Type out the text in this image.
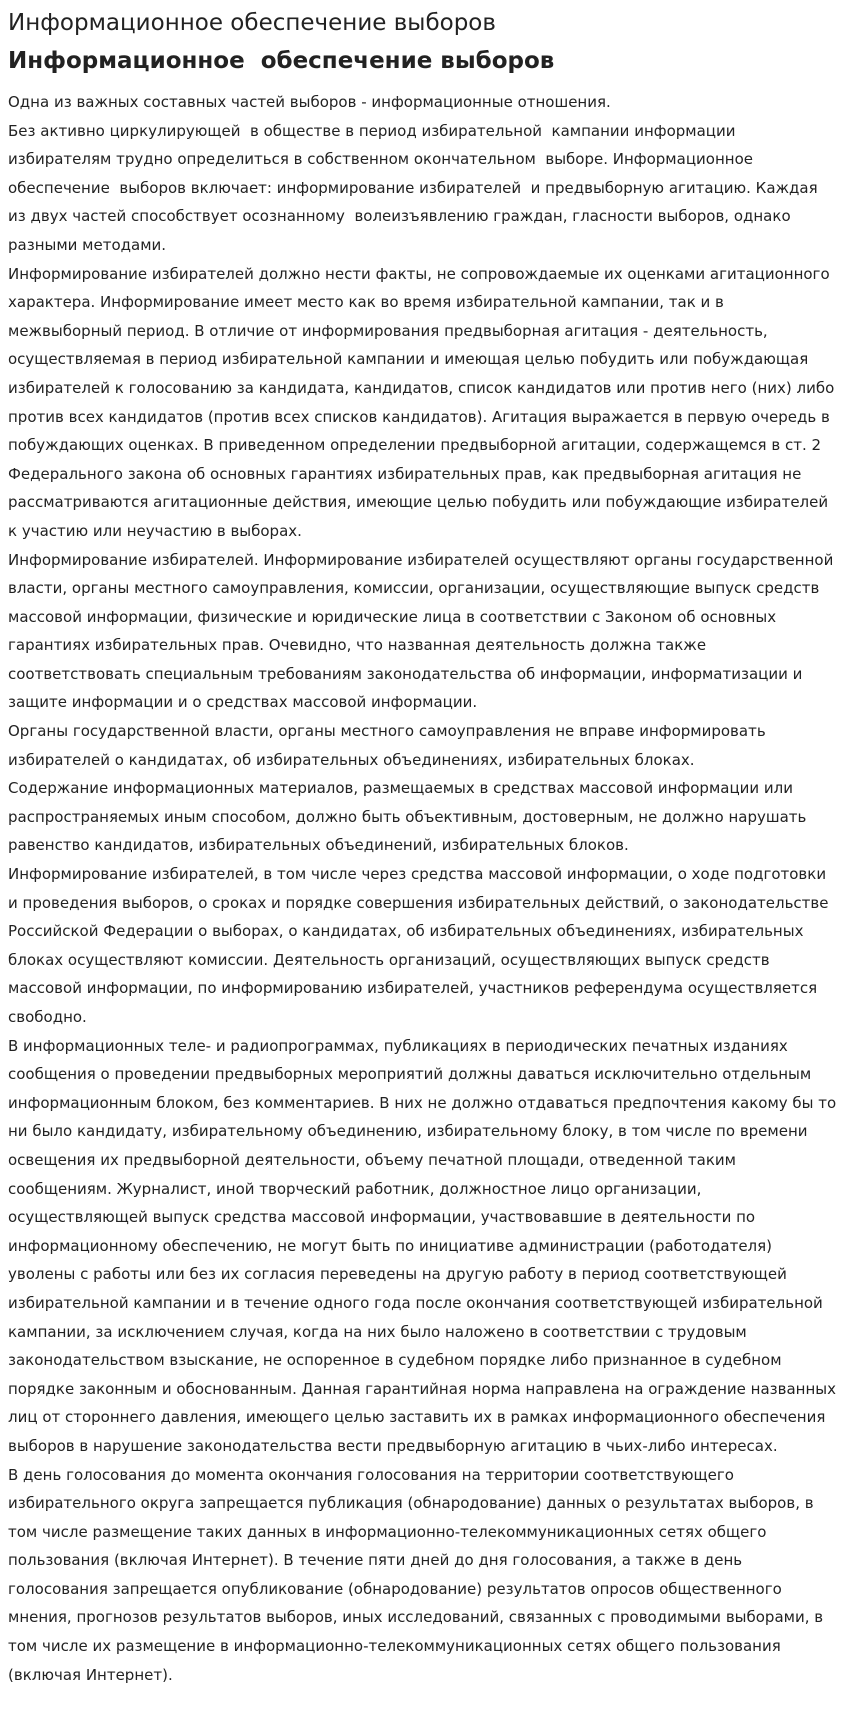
Информационное обеспечение выборов
Информационное  обеспечение выборов

Одна из важных составных частей выборов - информационные отношения.

Без активно циркулирующей  в обществе в период избирательной  кампании информации избирателям трудно определиться в собственном окончательном  выборе. Информационное обеспечение  выборов включает: информирование избирателей  и предвыборную агитацию. Каждая из двух частей способствует осознанному  волеизъявлению граждан, гласности выборов, однако разными методами.

Информирование избирателей должно нести факты, не сопровождаемые их оценками агитационного характера. Информирование имеет место как во время избирательной кампании, так и в межвыборный период. В отличие от информирования предвыборная агитация - деятельность, осуществляемая в период избирательной кампании и имеющая целью побудить или побуждающая избирателей к голосованию за кандидата, кандидатов, список кандидатов или против него (них) либо против всех кандидатов (против всех списков кандидатов). Агитация выражается в первую очередь в побуждающих оценках. В приведенном определении предвыборной агитации, содержащемся в ст. 2 Федерального закона об основных гарантиях избирательных прав, как предвыборная агитация не рассматриваются агитационные действия, имеющие целью побудить или побуждающие избирателей к участию или неучастию в выборах.

Информирование избирателей. Информирование избирателей осуществляют органы государственной власти, органы местного самоуправления, комиссии, организации, осуществляющие выпуск средств массовой информации, физические и юридические лица в соответствии с Законом об основных гарантиях избирательных прав. Очевидно, что названная деятельность должна также соответствовать специальным требованиям законодательства об информации, информатизации и защите информации и о средствах массовой информации.

Органы государственной власти, органы местного самоуправления не вправе информировать избирателей о кандидатах, об избирательных объединениях, избирательных блоках.

Содержание информационных материалов, размещаемых в средствах массовой информации или распространяемых иным способом, должно быть объективным, достоверным, не должно нарушать равенство кандидатов, избирательных объединений, избирательных блоков.

Информирование избирателей, в том числе через средства массовой информации, о ходе подготовки и проведения выборов, о сроках и порядке совершения избирательных действий, о законодательстве Российской Федерации о выборах, о кандидатах, об избирательных объединениях, избирательных блоках осуществляют комиссии. Деятельность организаций, осуществляющих выпуск средств массовой информации, по информированию избирателей, участников референдума осуществляется свободно.

В информационных теле- и радиопрограммах, публикациях в периодических печатных изданиях сообщения о проведении предвыборных мероприятий должны даваться исключительно отдельным информационным блоком, без комментариев. В них не должно отдаваться предпочтения какому бы то ни было кандидату, избирательному объединению, избирательному блоку, в том числе по времени освещения их предвыборной деятельности, объему печатной площади, отведенной таким сообщениям. Журналист, иной творческий работник, должностное лицо организации, осуществляющей выпуск средства массовой информации, участвовавшие в деятельности по информационному обеспечению, не могут быть по инициативе администрации (работодателя) уволены с работы или без их согласия переведены на другую работу в период соответствующей избирательной кампании и в течение одного года после окончания соответствующей избирательной кампании, за исключением случая, когда на них было наложено в соответствии с трудовым законодательством взыскание, не оспоренное в судебном порядке либо признанное в судебном порядке законным и обоснованным. Данная гарантийная норма направлена на ограждение названных лиц от стороннего давления, имеющего целью заставить их в рамках информационного обеспечения выборов в нарушение законодательства вести предвыборную агитацию в чьих-либо интересах.

В день голосования до момента окончания голосования на территории соответствующего избирательного округа запрещается публикация (обнародование) данных о результатах выборов, в том числе размещение таких данных в информационно-телекоммуникационных сетях общего пользования (включая Интернет). В течение пяти дней до дня голосования, а также в день голосования запрещается опубликование (обнародование) результатов опросов общественного мнения, прогнозов результатов выборов, иных исследований, связанных с проводимыми выборами, в том числе их размещение в информационно-телекоммуникационных сетях общего пользования (включая Интернет).
